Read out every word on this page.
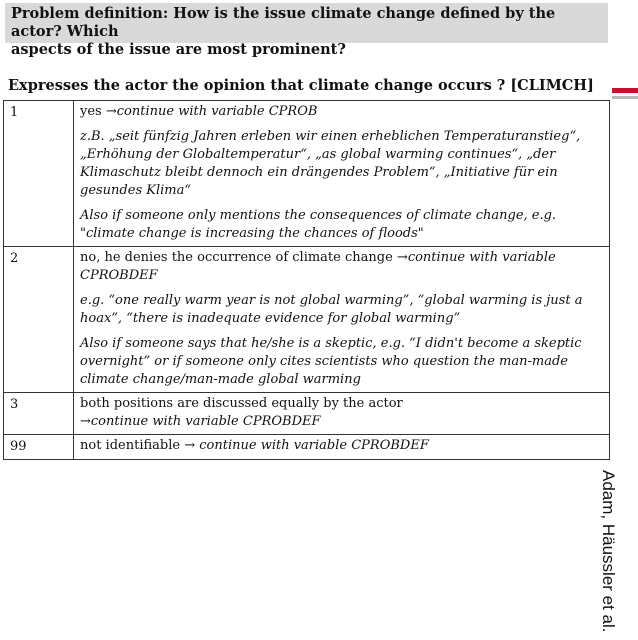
Problem definition: How is the issue climate change defined by the actor? Which
aspects of the issue are most prominent?
Expresses the actor the opinion that climate change occurs ? [CLIMCH]
1	yes →continue with variable CPROB

z.B. „seit fünfzig Jahren erleben wir einen erheblichen Temperaturanstieg“, „Erhöhung der Globaltemperatur“, „as global warming continues“, „der Klimaschutz bleibt dennoch ein drängendes Problem“, „Initiative für ein gesundes Klima“

Also if someone only mentions the consequences of climate change, e.g. "climate change is increasing the chances of floods"

2	no, he denies the occurrence of climate change →continue with variable CPROBDEF

e.g. “one really warm year is not global warming”, “global warming is just a hoax”, “there is inadequate evidence for global warming”

Also if someone says that he/she is a skeptic, e.g. “I didn't become a skeptic overnight” or if someone only cites scientists who question the man-made climate change/man-made global warming

3	both positions are discussed equally by the actor
→continue with variable CPROBDEF

99	not identifiable → continue with variable CPROBDEF

Adam, Häussler et al.
